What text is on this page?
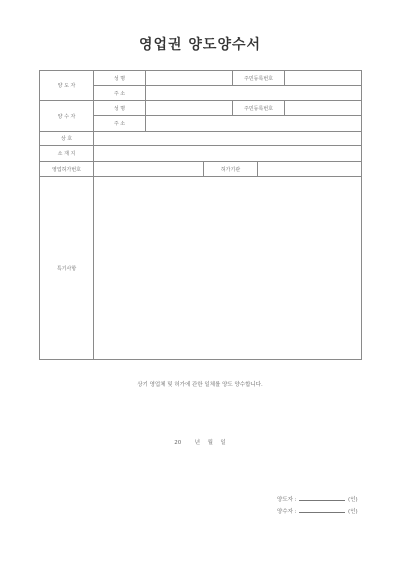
영업권 양도양수서
양 도 자	성 명			주민등록번호		
	주 소					
양 수 자	성 명			주민등록번호		
	주 소					
상 호						
소 재 지						
영업허가번호			허가기관			
특기사항						
상기 영업체 및 허가에 관한 일체를 양도 양수합니다.
20 년 월 일
양도자 :	(인)
양수자 :	(인)
